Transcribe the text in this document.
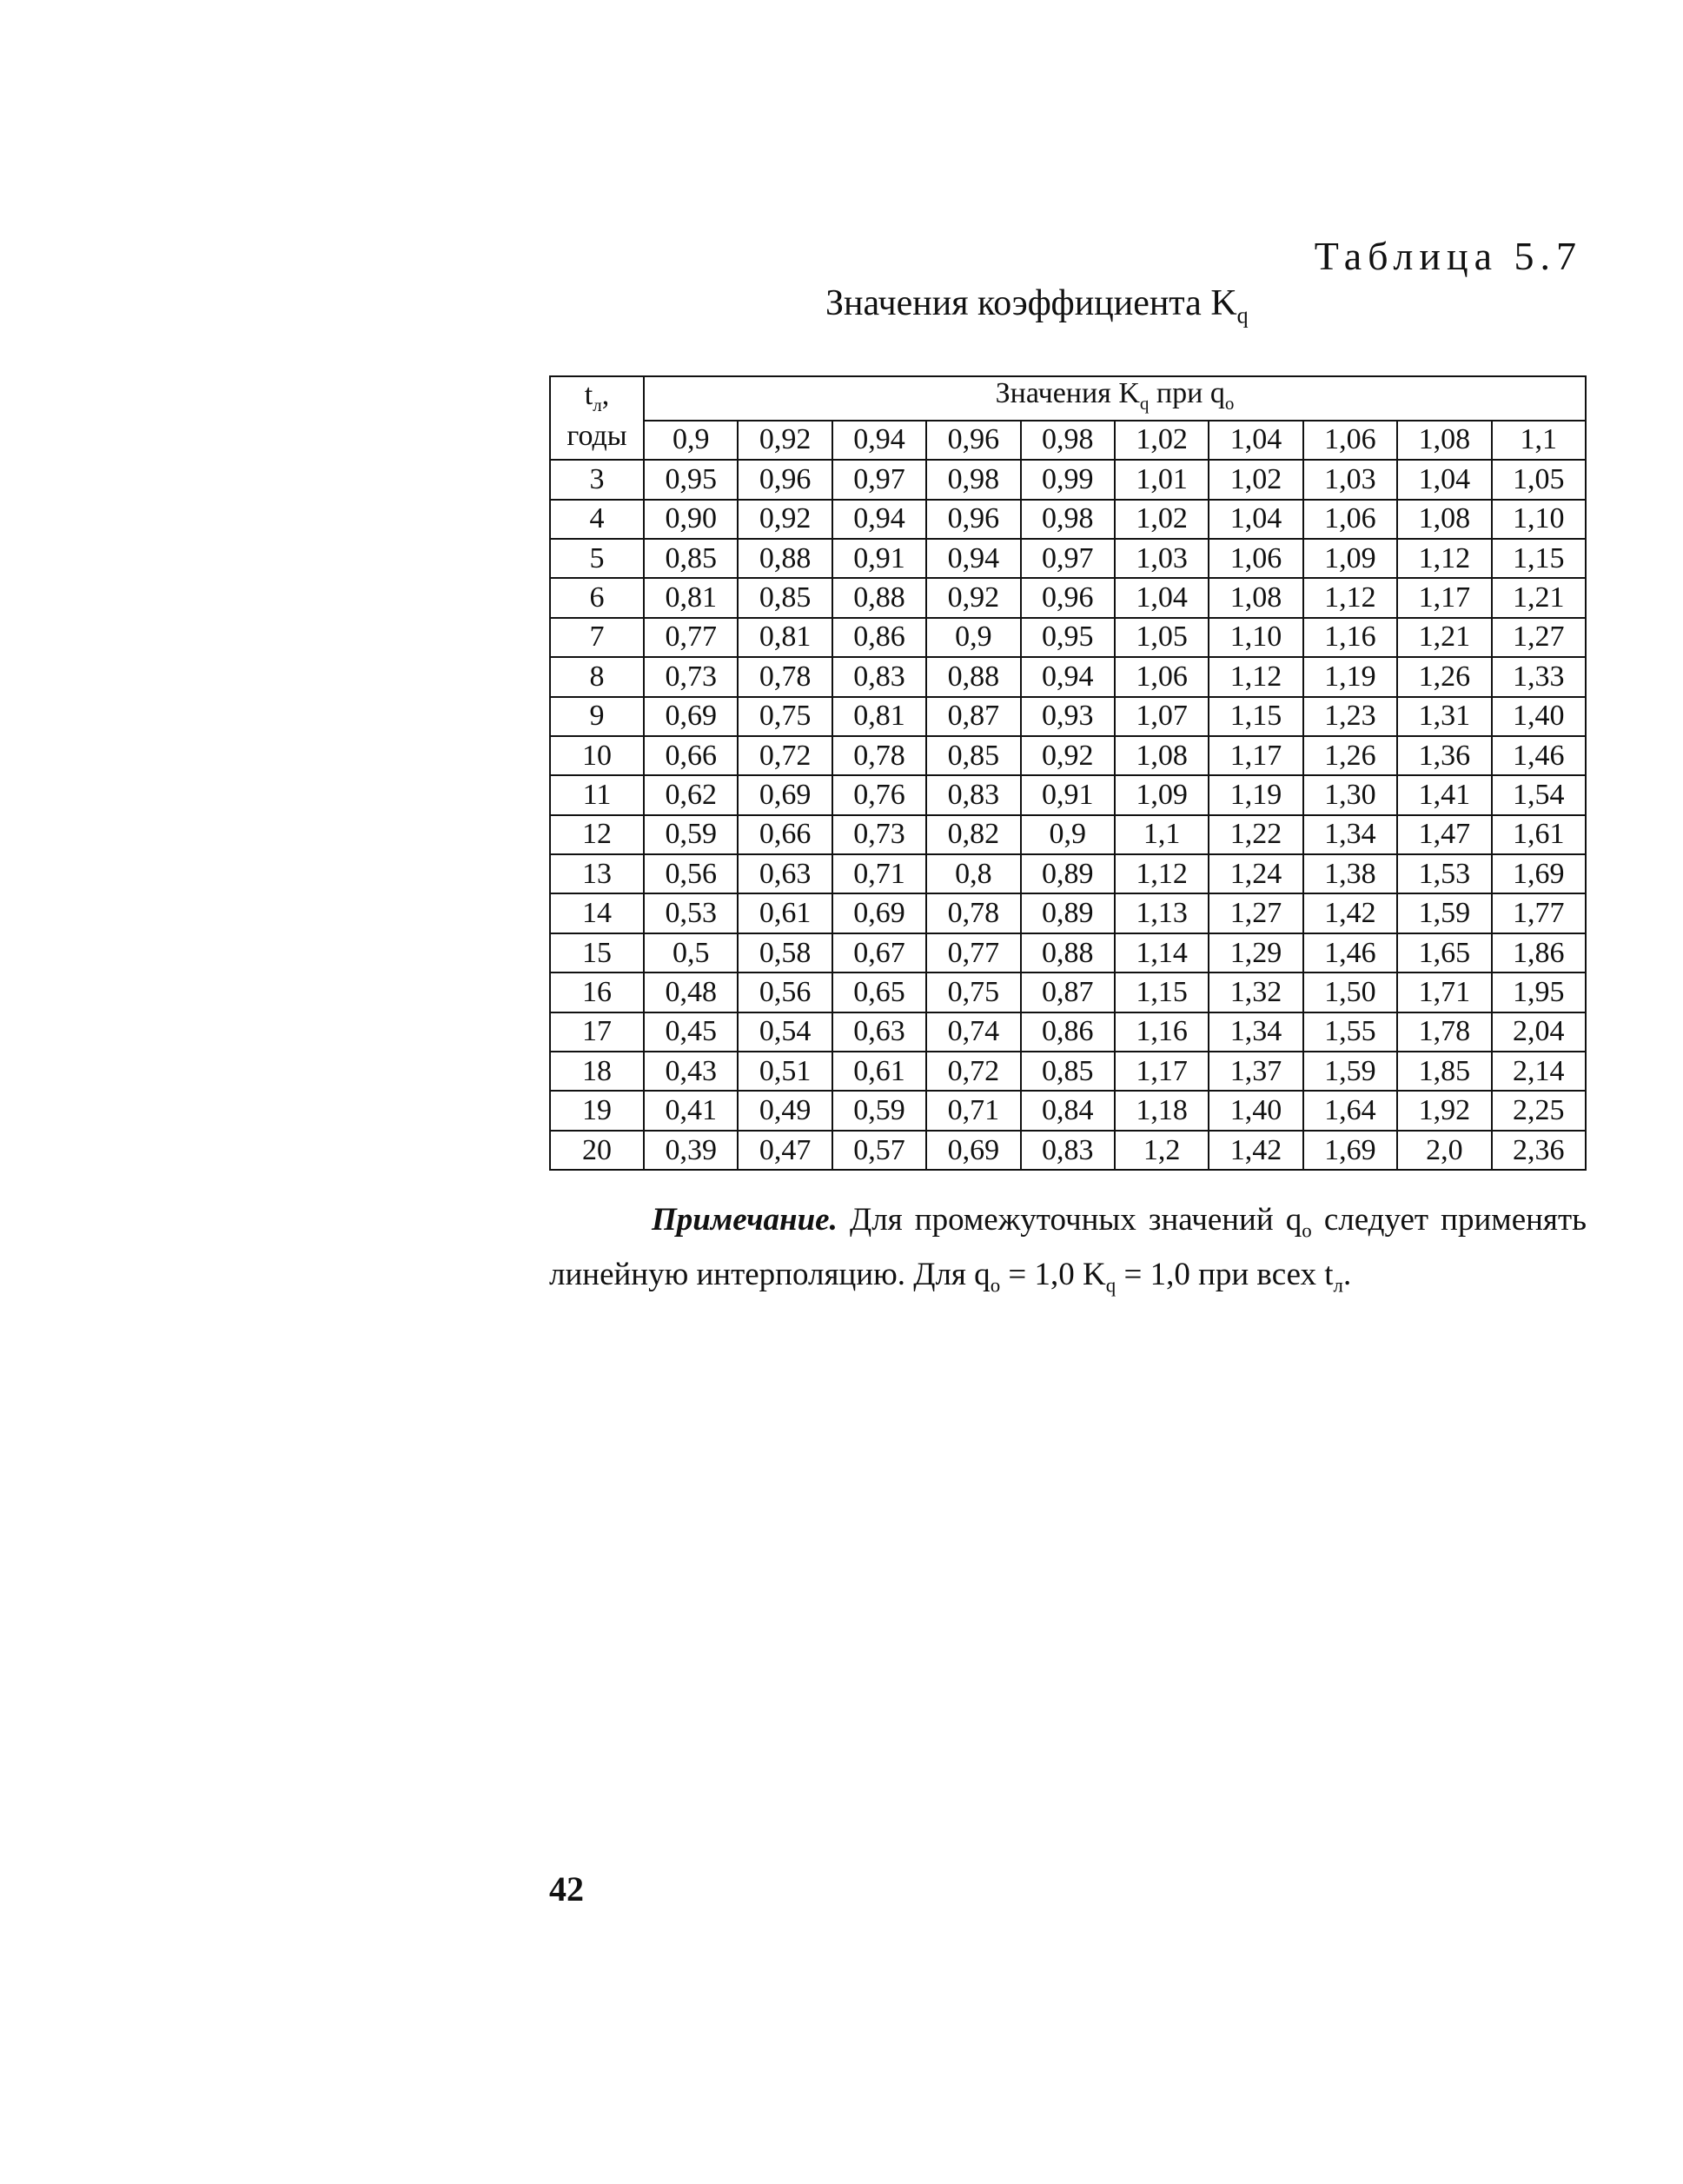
Таблица 5.7
Значения коэффициента $K_q$
$t_л$,	Значения $K_q$ при $q_o$
годы	0,9	0,92	0,94	0,96	0,98	1,02	1,04	1,06	1,08	1,1
3	0,95	0,96	0,97	0,98	0,99	1,01	1,02	1,03	1,04	1,05
4	0,90	0,92	0,94	0,96	0,98	1,02	1,04	1,06	1,08	1,10
5	0,85	0,88	0,91	0,94	0,97	1,03	1,06	1,09	1,12	1,15
6	0,81	0,85	0,88	0,92	0,96	1,04	1,08	1,12	1,17	1,21
7	0,77	0,81	0,86	0,9	0,95	1,05	1,10	1,16	1,21	1,27
8	0,73	0,78	0,83	0,88	0,94	1,06	1,12	1,19	1,26	1,33
9	0,69	0,75	0,81	0,87	0,93	1,07	1,15	1,23	1,31	1,40
10	0,66	0,72	0,78	0,85	0,92	1,08	1,17	1,26	1,36	1,46
11	0,62	0,69	0,76	0,83	0,91	1,09	1,19	1,30	1,41	1,54
12	0,59	0,66	0,73	0,82	0,9	1,1	1,22	1,34	1,47	1,61
13	0,56	0,63	0,71	0,8	0,89	1,12	1,24	1,38	1,53	1,69
14	0,53	0,61	0,69	0,78	0,89	1,13	1,27	1,42	1,59	1,77
15	0,5	0,58	0,67	0,77	0,88	1,14	1,29	1,46	1,65	1,86
16	0,48	0,56	0,65	0,75	0,87	1,15	1,32	1,50	1,71	1,95
17	0,45	0,54	0,63	0,74	0,86	1,16	1,34	1,55	1,78	2,04
18	0,43	0,51	0,61	0,72	0,85	1,17	1,37	1,59	1,85	2,14
19	0,41	0,49	0,59	0,71	0,84	1,18	1,40	1,64	1,92	2,25
20	0,39	0,47	0,57	0,69	0,83	1,2	1,42	1,69	2,0	2,36
Примечание. Для промежуточных значений $q_o$ следует применять линейную интерполяцию. Для $q_o = 1,0$ $K_q = 1,0$ при всех $t_л$.
42
